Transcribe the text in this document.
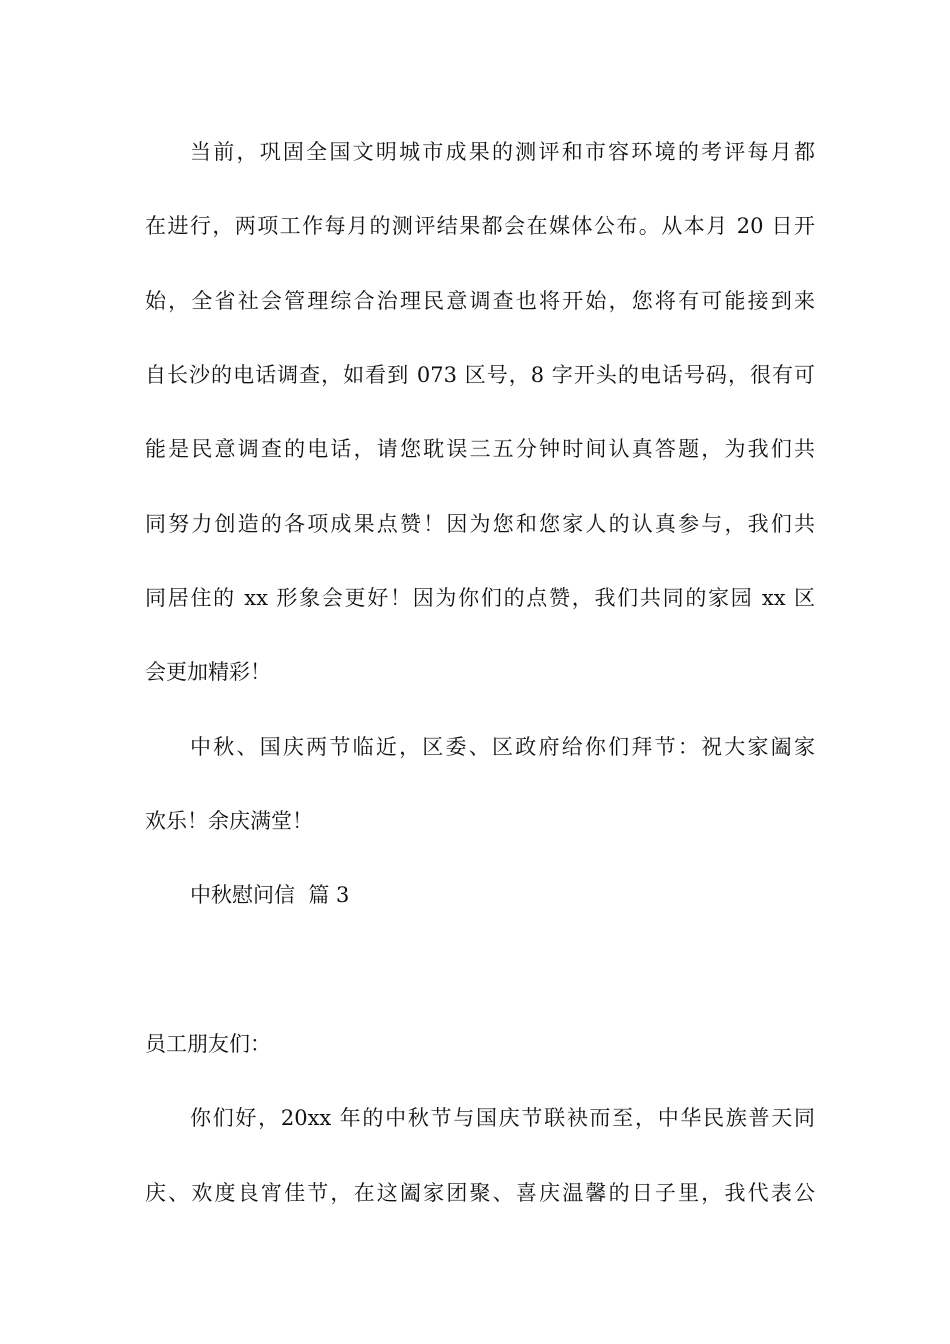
当前，巩固全国文明城市成果的测评和市容环境的考评每月都
在进行，两项工作每月的测评结果都会在媒体公布。从本月 20 日开
始，全省社会管理综合治理民意调查也将开始，您将有可能接到来
自长沙的电话调查，如看到 073 区号，8 字开头的电话号码，很有可
能是民意调查的电话，请您耽误三五分钟时间认真答题，为我们共
同努力创造的各项成果点赞！因为您和您家人的认真参与，我们共
同居住的 xx 形象会更好！因为你们的点赞，我们共同的家园 xx 区
会更加精彩！
中秋、国庆两节临近，区委、区政府给你们拜节：祝大家阖家
欢乐！余庆满堂！
中秋慰问信  篇 3
员工朋友们：
你们好，20xx 年的中秋节与国庆节联袂而至，中华民族普天同
庆、欢度良宵佳节，在这阖家团聚、喜庆温馨的日子里，我代表公
